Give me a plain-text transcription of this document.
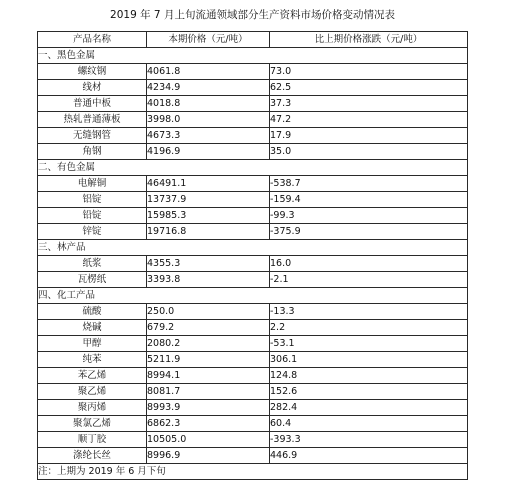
2019 年 7 月上旬流通领域部分生产资料市场价格变动情况表
产品名称	本期价格（元/吨）	比上期价格涨跌（元/吨）
一、黑色金属		
螺纹钢	4061.8	73.0
线材	4234.9	62.5
普通中板	4018.8	37.3
热轧普通薄板	3998.0	47.2
无缝钢管	4673.3	17.9
角钢	4196.9	35.0
二、有色金属		
电解铜	46491.1	-538.7
铝锭	13737.9	-159.4
铅锭	15985.3	-99.3
锌锭	19716.8	-375.9
三、林产品		
纸浆	4355.3	16.0
瓦楞纸	3393.8	-2.1
四、化工产品		
硫酸	250.0	-13.3
烧碱	679.2	2.2
甲醇	2080.2	-53.1
纯苯	5211.9	306.1
苯乙烯	8994.1	124.8
聚乙烯	8081.7	152.6
聚丙烯	8993.9	282.4
聚氯乙烯	6862.3	60.4
顺丁胶	10505.0	-393.3
涤纶长丝	8996.9	446.9
注：上期为 2019 年 6 月下旬		
